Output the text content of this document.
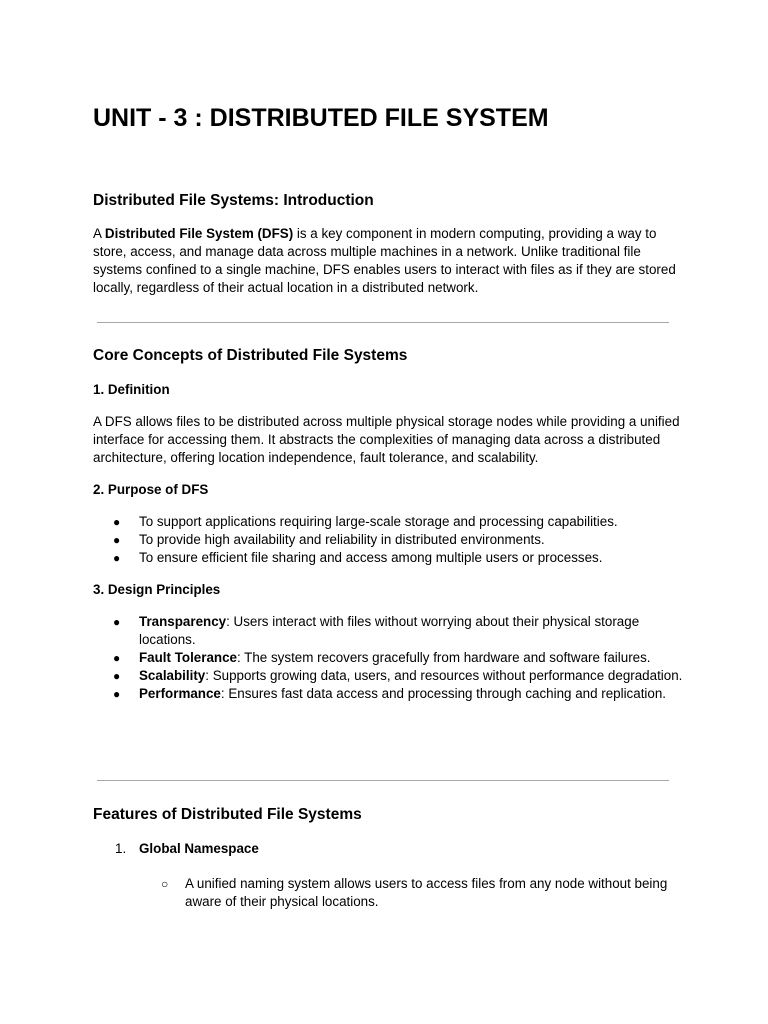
UNIT - 3 : DISTRIBUTED FILE SYSTEM
Distributed File Systems: Introduction

A Distributed File System (DFS) is a key component in modern computing, providing a way to store, access, and manage data across multiple machines in a network. Unlike traditional file systems confined to a single machine, DFS enables users to interact with files as if they are stored locally, regardless of their actual location in a distributed network.

Core Concepts of Distributed File Systems
1. Definition

A DFS allows files to be distributed across multiple physical storage nodes while providing a unified interface for accessing them. It abstracts the complexities of managing data across a distributed architecture, offering location independence, fault tolerance, and scalability.

2. Purpose of DFS
● To support applications requiring large-scale storage and processing capabilities.
● To provide high availability and reliability in distributed environments.
● To ensure efficient file sharing and access among multiple users or processes.
3. Design Principles
● Transparency: Users interact with files without worrying about their physical storage locations.
● Fault Tolerance: The system recovers gracefully from hardware and software failures.
● Scalability: Supports growing data, users, and resources without performance degradation.
● Performance: Ensures fast data access and processing through caching and replication.
Features of Distributed File Systems
1. Global Namespace
○ A unified naming system allows users to access files from any node without being aware of their physical locations.
